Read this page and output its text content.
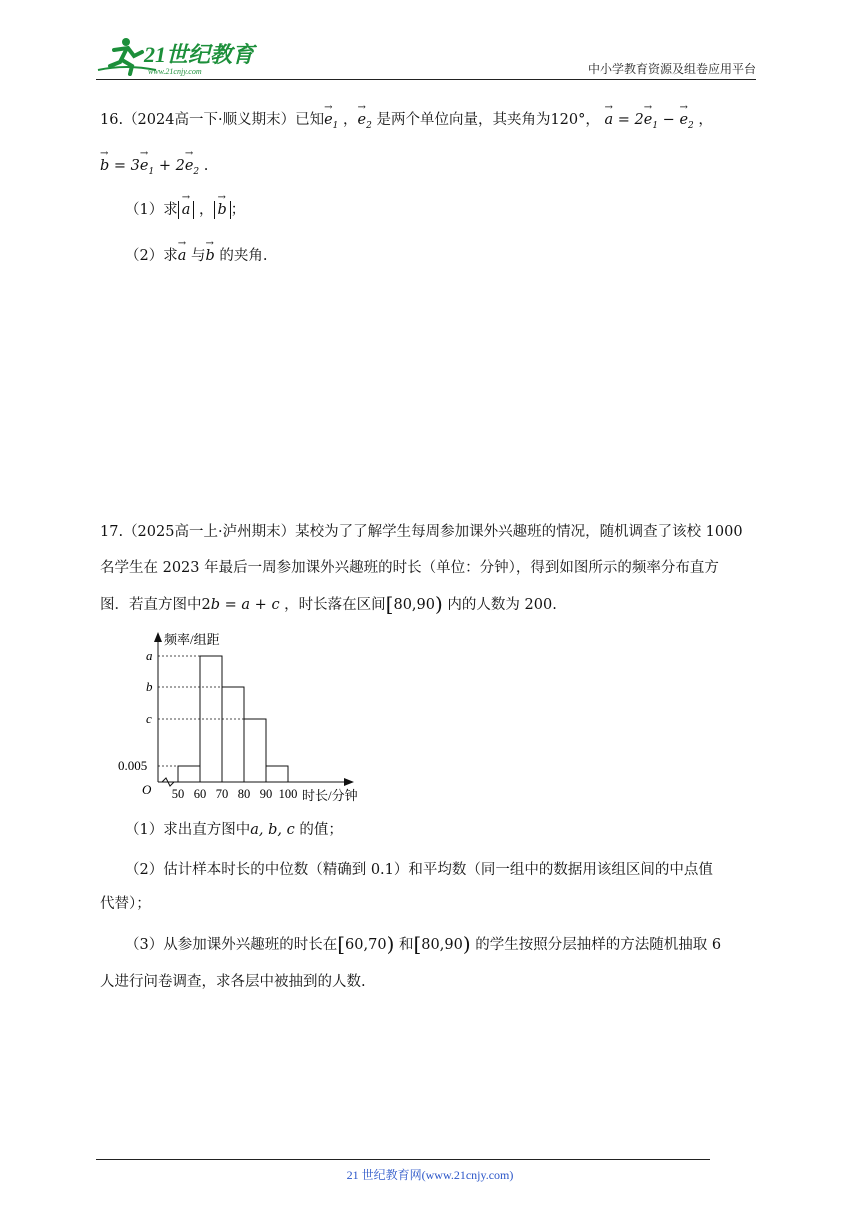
21世纪教育
www.21cnjy.com	中小学教育资源及组卷应用平台
16.（2024高一下·顺义期末）已知→ $e_1$ ，→ $e_2$ 是两个单位向量，其夹角为120°， → $a = 2\to e_1$ − → $e_2$ ，
→ $b = 3\to e_1 + 2\to e_2$ .
（1）求 → a ， → b ；
（2）求→ a 与→ b 的夹角.
17.（2025高一上·泸州期末）某校为了了解学生每周参加课外兴趣班的情况，随机调查了该校 1000
名学生在 2023 年最后一周参加课外兴趣班的时长（单位：分钟），得到如图所示的频率分布直方
图．若直方图中2b = a + c ，时长落在区间[80,90) 内的人数为 200.
频率/组距
时长/分钟
O
a
b
c
0.005
50 60 70 80 90 100
（1）求出直方图中a, b, c 的值；
（2）估计样本时长的中位数（精确到 0.1）和平均数（同一组中的数据用该组区间的中点值
代替）；
（3）从参加课外兴趣班的时长在[60,70) 和[80,90) 的学生按照分层抽样的方法随机抽取 6
人进行问卷调查，求各层中被抽到的人数.
21 世纪教育网(www.21cnjy.com)
